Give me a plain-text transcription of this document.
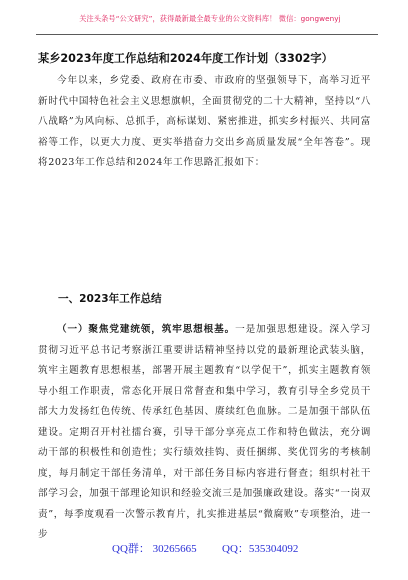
关注头条号“公文研究”，获得最新最全最专业的公文资料库！ 微信：gongwenyj
某乡2023年度工作总结和2024年度工作计划（3302字）

今年以来，乡党委、政府在市委、市政府的坚强领导下，高举习近平新时代中国特色社会主义思想旗帜，全面贯彻党的二十大精神，坚持以“八八战略”为风向标、总抓手，高标谋划、紧密推进，抓实乡村振兴、共同富裕等工作，以更大力度、更实举措奋力交出乡高质量发展“全年答卷”。现将2023年工作总结和2024年工作思路汇报如下：

一、2023年工作总结

（一）聚焦党建统领，筑牢思想根基。一是加强思想建设。深入学习贯彻习近平总书记考察浙江重要讲话精神坚持以党的最新理论武装头脑，筑牢主题教育思想根基，部署开展主题教育“以学促干”，抓实主题教育领导小组工作职责，常态化开展日常督查和集中学习，教育引导全乡党员干部大力发扬红色传统、传承红色基因、赓续红色血脉。二是加强干部队伍建设。定期召开村社擂台赛，引导干部分享亮点工作和特色做法，充分调动干部的积极性和创造性；实行绩效挂钩、责任捆绑、奖优罚劣的考核制度，每月制定干部任务清单，对干部任务目标内容进行督查；组织村社干部学习会，加强干部理论知识和经验交流三是加强廉政建设。落实“一岗双责”，每季度观看一次警示教育片，扎实推进基层“微腐败”专项整治，进一步

QQ群： 30265665 QQ：535304092
